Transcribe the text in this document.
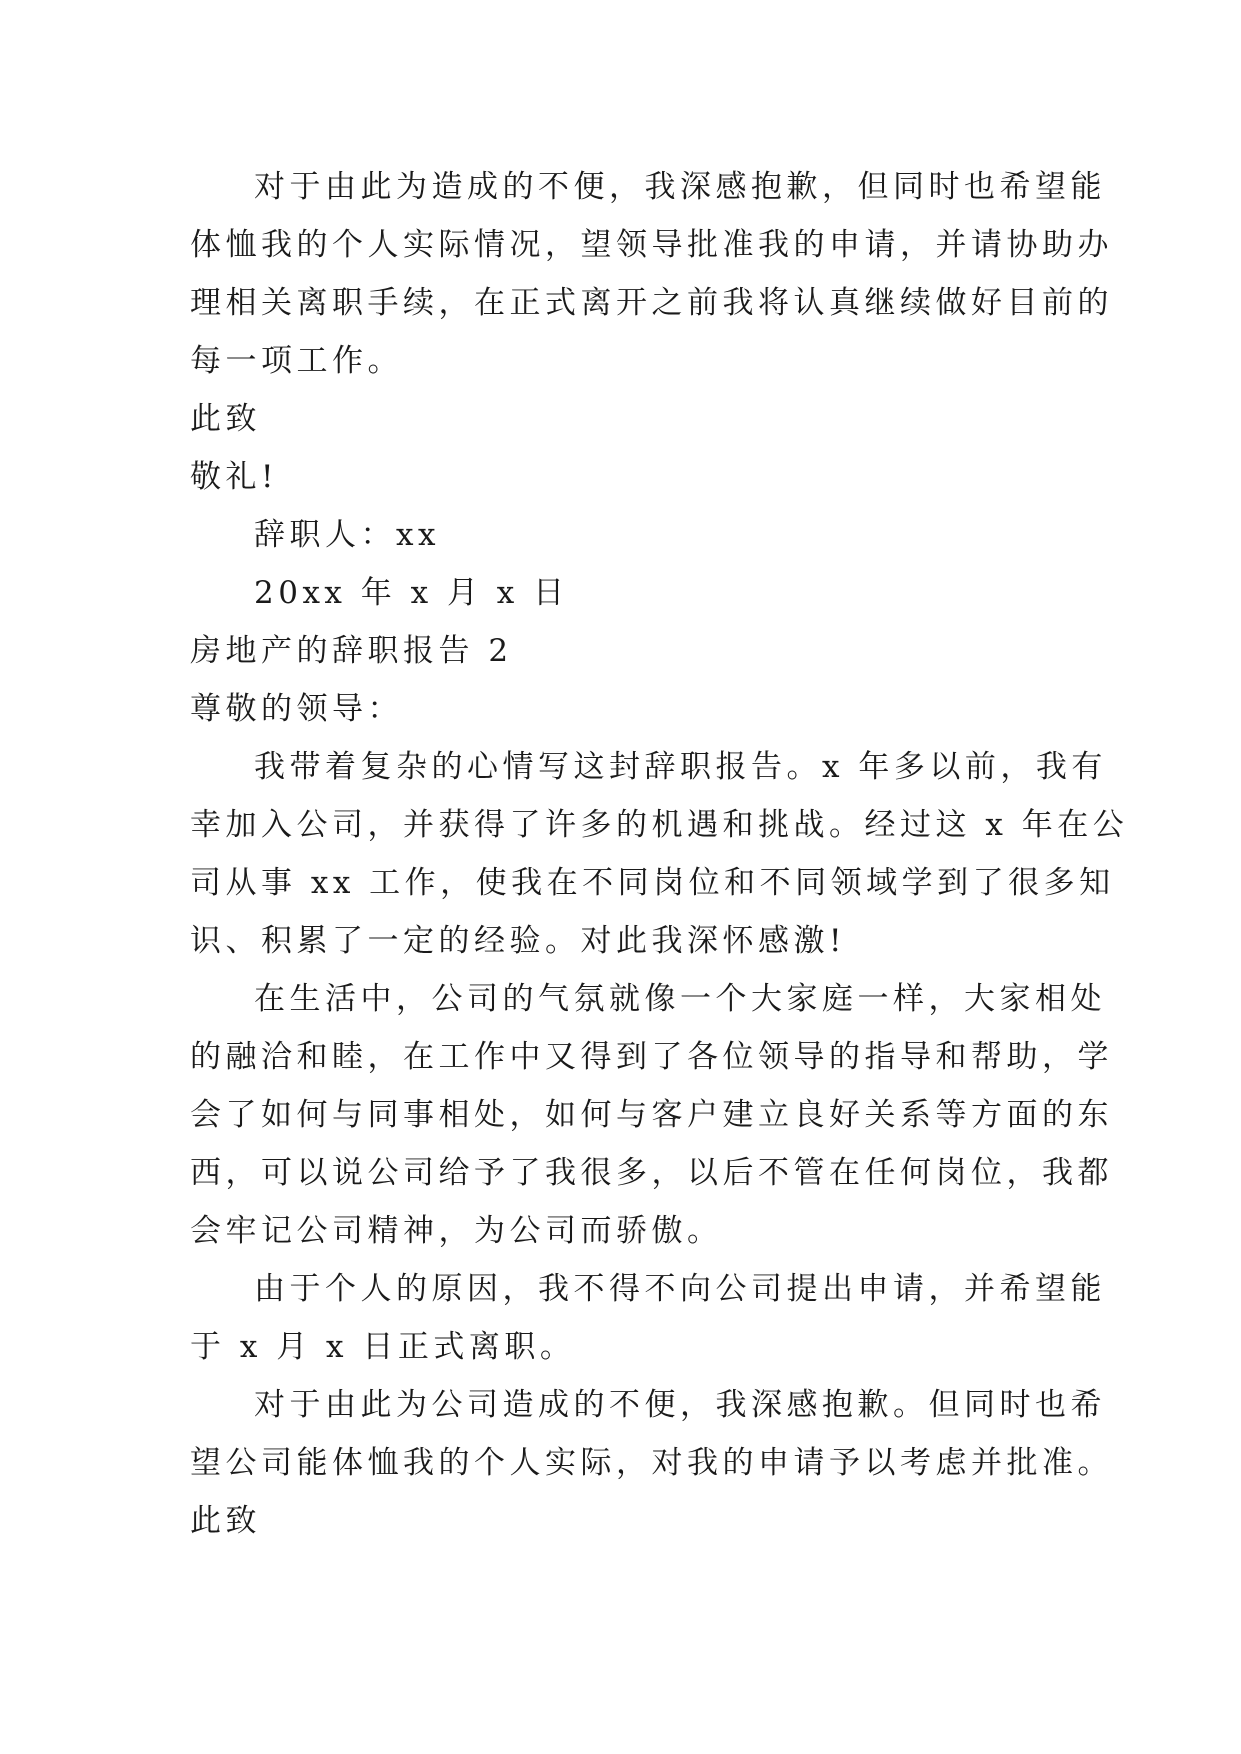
对于由此为造成的不便，我深感抱歉，但同时也希望能
体恤我的个人实际情况，望领导批准我的申请，并请协助办
理相关离职手续，在正式离开之前我将认真继续做好目前的
每一项工作。
此致
敬礼!
辞职人：xx
20xx 年 x 月 x 日
房地产的辞职报告 2
尊敬的领导：
我带着复杂的心情写这封辞职报告。x 年多以前，我有
幸加入公司，并获得了许多的机遇和挑战。经过这 x 年在公
司从事 xx 工作，使我在不同岗位和不同领域学到了很多知
识、积累了一定的经验。对此我深怀感激!
在生活中，公司的气氛就像一个大家庭一样，大家相处
的融洽和睦，在工作中又得到了各位领导的指导和帮助，学
会了如何与同事相处，如何与客户建立良好关系等方面的东
西，可以说公司给予了我很多，以后不管在任何岗位，我都
会牢记公司精神，为公司而骄傲。
由于个人的原因，我不得不向公司提出申请，并希望能
于 x 月 x 日正式离职。
对于由此为公司造成的不便，我深感抱歉。但同时也希
望公司能体恤我的个人实际，对我的申请予以考虑并批准。
此致
